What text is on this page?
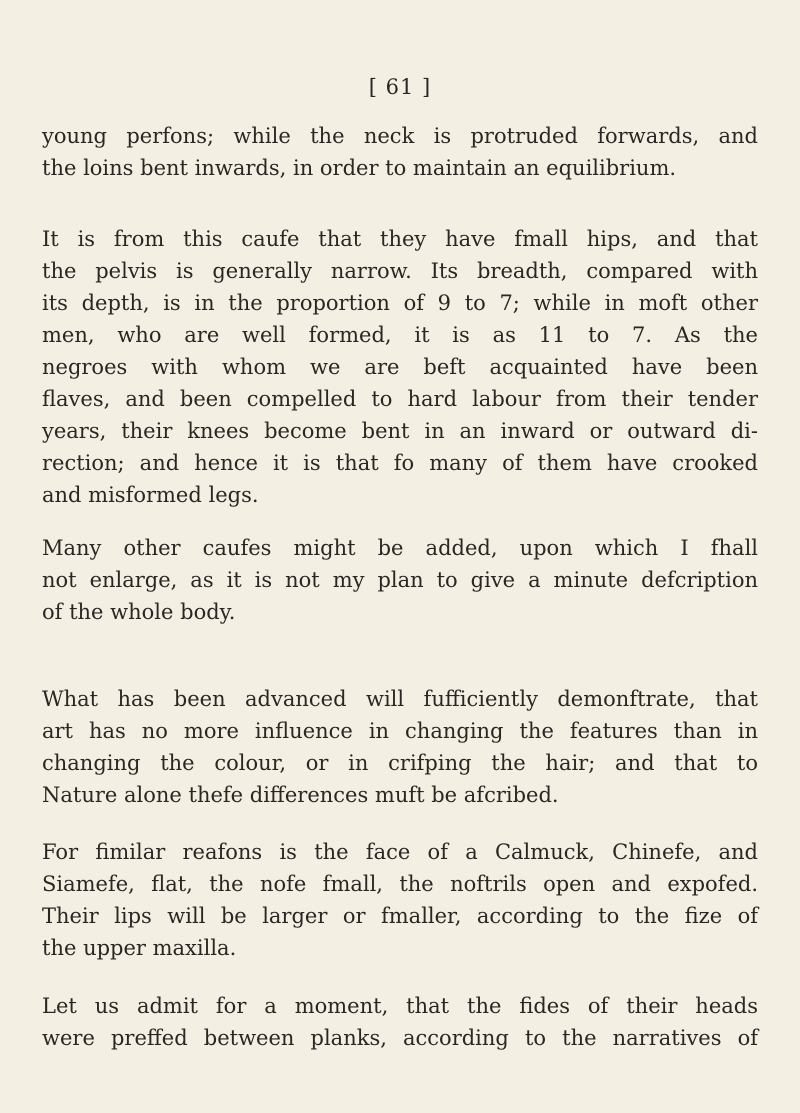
[ 61 ]

young perfons; while the neck is protruded forwards, and
the loins bent inwards, in order to maintain an equilibrium.

It is from this caufe that they have fmall hips, and that
the pelvis is generally narrow. Its breadth, compared with
its depth, is in the proportion of 9 to 7; while in moft other
men, who are well formed, it is as 11 to 7. As the
negroes with whom we are beft acquainted have been
flaves, and been compelled to hard labour from their tender
years, their knees become bent in an inward or outward di-
rection; and hence it is that fo many of them have crooked
and misformed legs.

Many other caufes might be added, upon which I fhall
not enlarge, as it is not my plan to give a minute defcription
of the whole body.

What has been advanced will fufficiently demonftrate, that
art has no more influence in changing the features than in
changing the colour, or in crifping the hair; and that to
Nature alone thefe differences muft be afcribed.

For fimilar reafons is the face of a Calmuck, Chinefe, and
Siamefe, flat, the nofe fmall, the noftrils open and expofed.
Their lips will be larger or fmaller, according to the fize of
the upper maxilla.

Let us admit for a moment, that the fides of their heads
were preffed between planks, according to the narratives of
